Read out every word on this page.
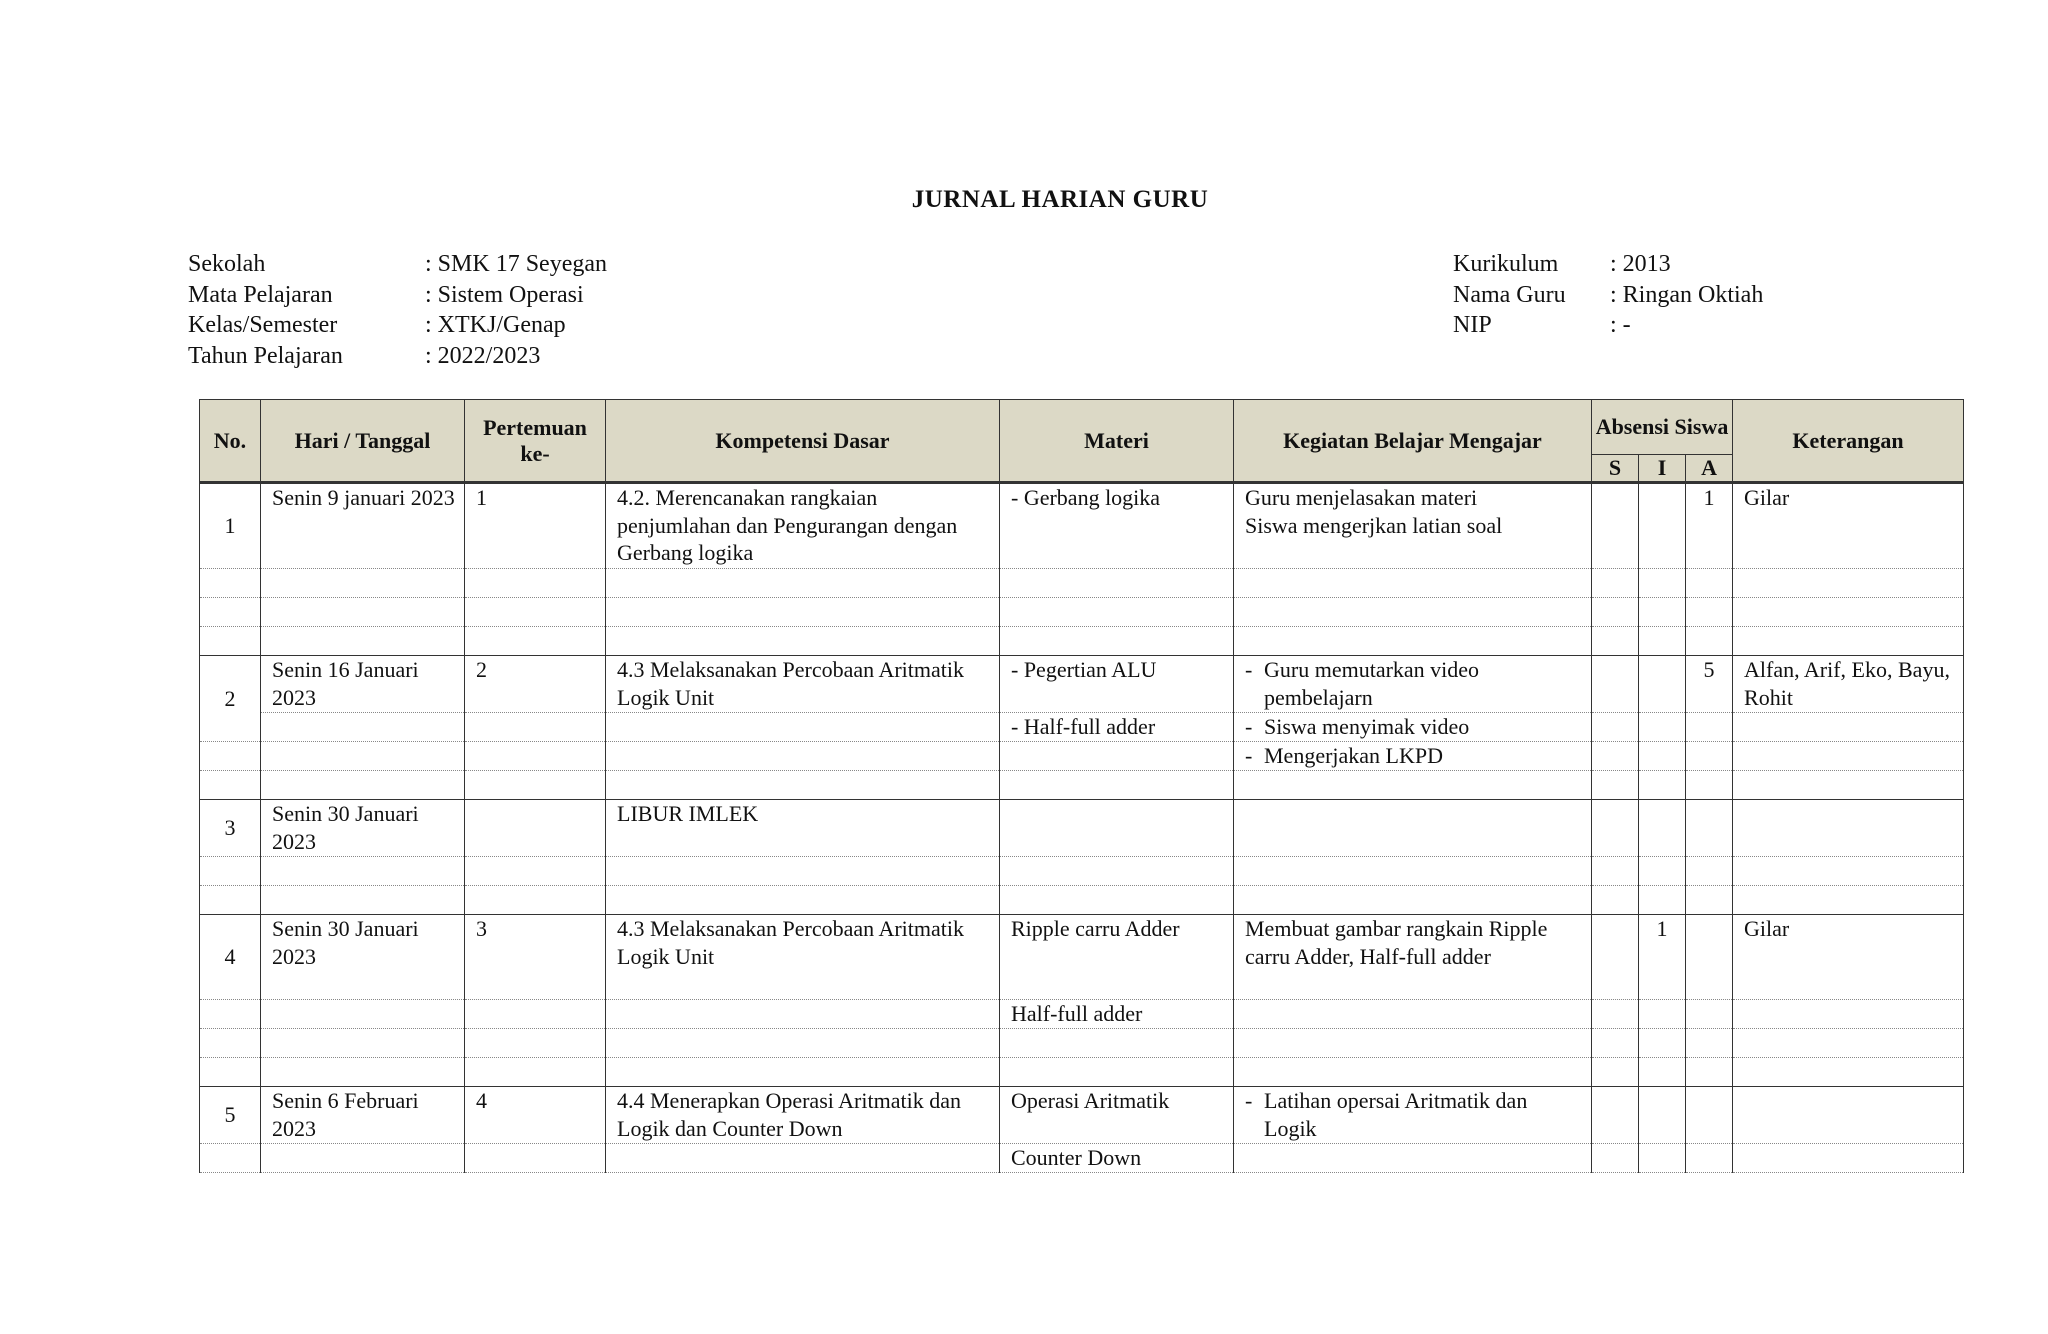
JURNAL HARIAN GURU
Sekolah	: SMK 17 Seyegan
Mata Pelajaran	: Sistem Operasi
Kelas/Semester	: XTKJ/Genap
Tahun Pelajaran	: 2022/2023
Kurikulum	: 2013
Nama Guru	: Ringan Oktiah
NIP	: -
No.	Hari / Tanggal	Pertemuan ke-	Kompetensi Dasar	Materi	Kegiatan Belajar Mengajar	Absensi Siswa			Keterangan
						S	I	A	
1	Senin 9 januari 2023	1	4.2. Merencanakan rangkaian penjumlahan dan Pengurangan dengan Gerbang logika	- Gerbang logika	Guru menjelasakan materi
Siswa mengerjkan latian soal			1	Gilar

2	Senin 16 Januari 2023	2	4.3 Melaksanakan Percobaan Aritmatik Logik Unit	- Pegertian ALU	- Guru memutarkan video pembelajarn			5	Alfan, Arif, Eko, Bayu, Rohit
				- Half-full adder	- Siswa menyimak video				

					- Mengerjakan LKPD				

3	Senin 30 Januari 2023		LIBUR IMLEK						

4	Senin 30 Januari 2023	3	4.3 Melaksanakan Percobaan Aritmatik Logik Unit	Ripple carru Adder	Membuat gambar rangkain Ripple carru Adder, Half-full adder		1		Gilar
				Half-full adder					

5	Senin 6 Februari 2023	4	4.4 Menerapkan Operasi Aritmatik dan Logik dan Counter Down	Operasi Aritmatik	- Latihan opersai Aritmatik dan Logik				

				Counter Down					
